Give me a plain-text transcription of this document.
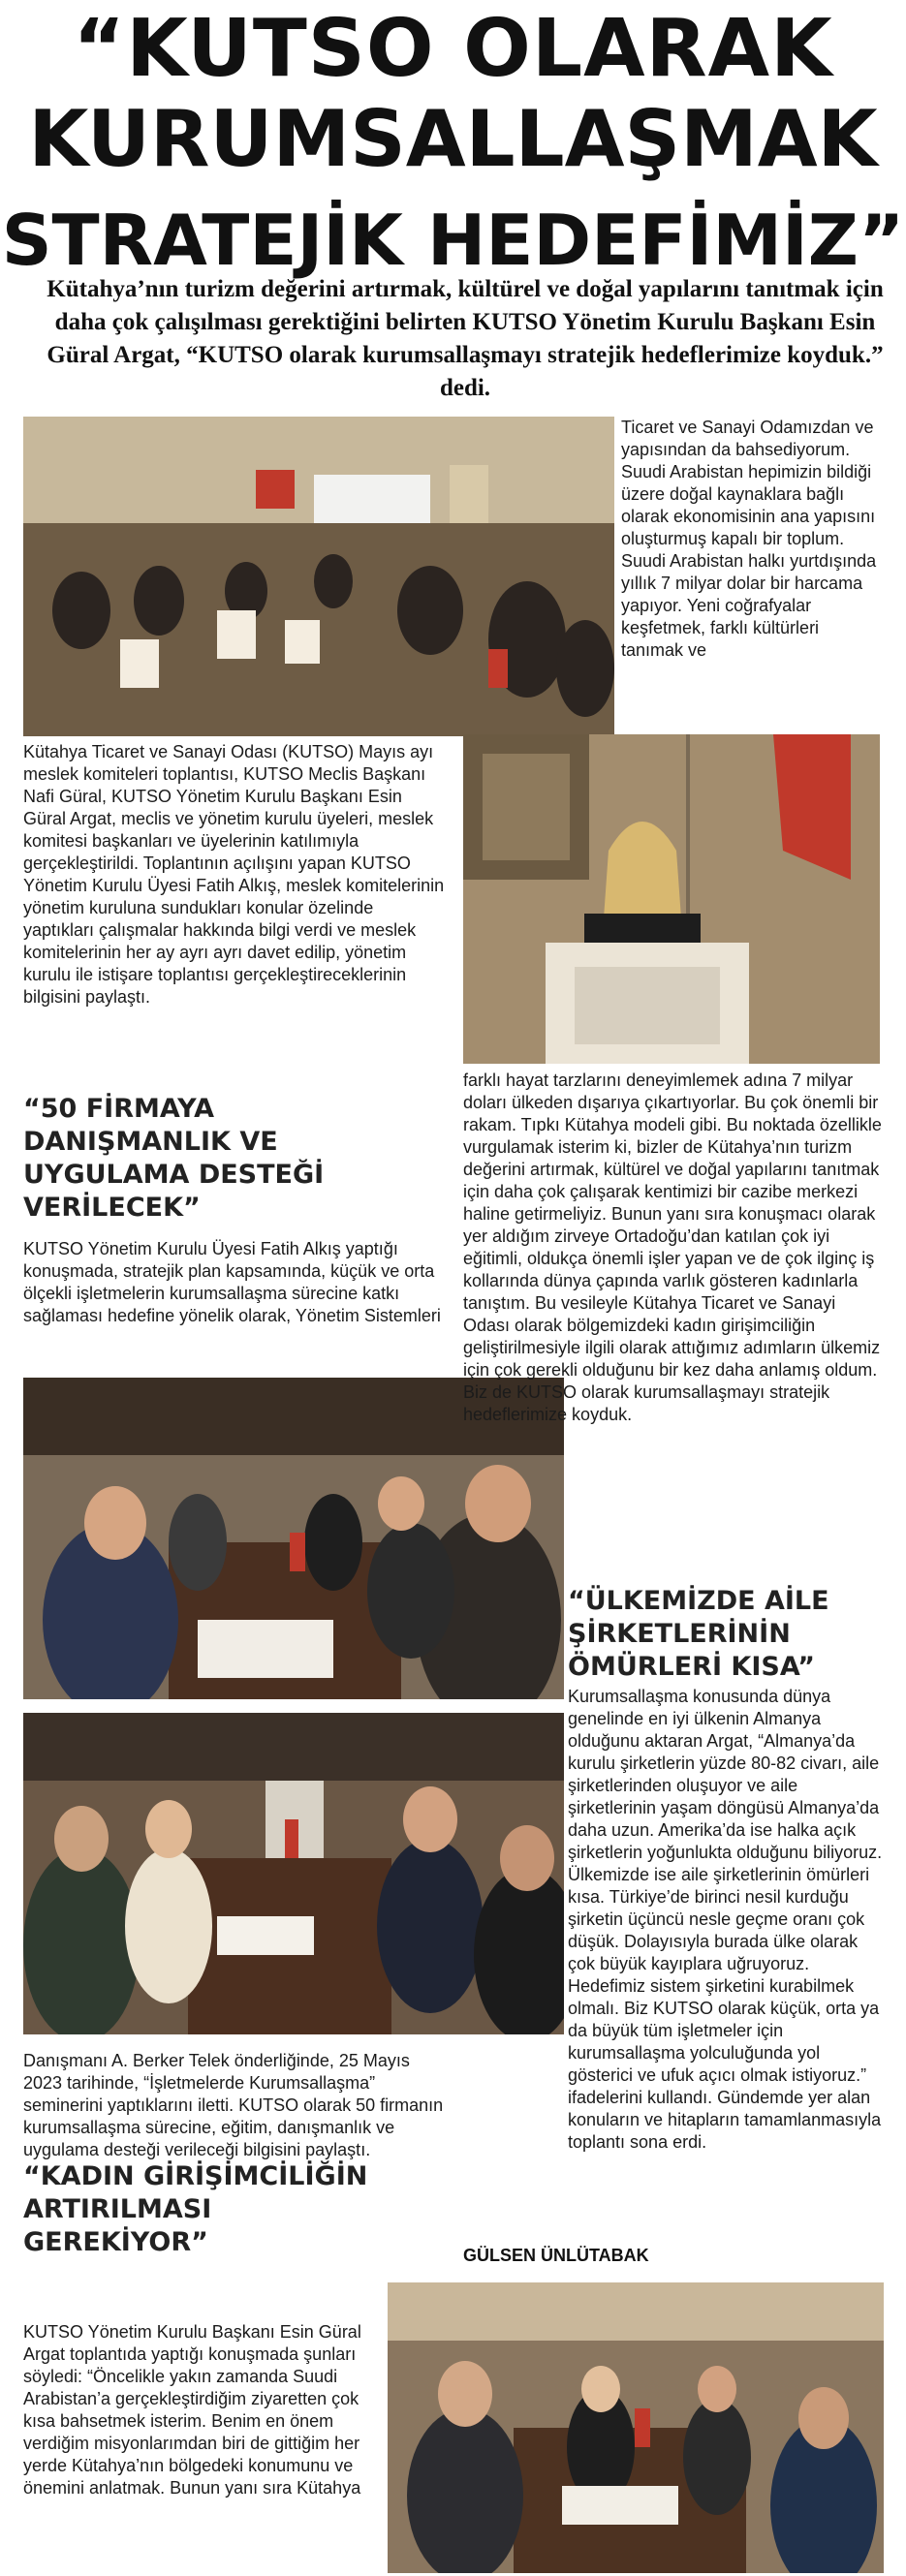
“KUTSO OLARAK
KURUMSALLAŞMAK
STRATEJİK HEDEFİMİZ”
Kütahya’nın turizm değerini artırmak, kültürel ve doğal yapılarını tanıtmak için daha çok çalışılması gerektiğini belirten KUTSO Yönetim Kurulu Başkanı Esin Güral Argat, “KUTSO olarak kurumsallaşmayı stratejik hedeflerimize koyduk.” dedi.
Kütahya Ticaret ve Sanayi Odası (KUTSO) Mayıs ayı meslek komiteleri toplantısı, KUTSO Meclis Başkanı Nafi Güral, KUTSO Yönetim Kurulu Başkanı Esin Güral Argat, meclis ve yönetim kurulu üyeleri, meslek komitesi başkanları ve üyelerinin katılımıyla gerçekleştirildi. Toplantının açılışını yapan KUTSO Yönetim Kurulu Üyesi Fatih Alkış, meslek komitelerinin yönetim kuruluna sundukları konular özelinde yaptıkları çalışmalar hakkında bilgi verdi ve meslek komitelerinin her ay ayrı ayrı davet edilip, yönetim kurulu ile istişare toplantısı gerçekleştireceklerinin bilgisini paylaştı.
“50 FİRMAYA DANIŞMANLIK VE UYGULAMA DESTEĞİ VERİLECEK”
KUTSO Yönetim Kurulu Üyesi Fatih Alkış yaptığı konuşmada, stratejik plan kapsamında, küçük ve orta ölçekli işletmelerin kurumsallaşma sürecine katkı sağlaması hedefine yönelik olarak, Yönetim Sistemleri
Danışmanı A. Berker Telek önderliğinde, 25 Mayıs 2023 tarihinde, “İşletmelerde Kurumsallaşma” seminerini yaptıklarını iletti. KUTSO olarak 50 firmanın kurumsallaşma sürecine, eğitim, danışmanlık ve uygulama desteği verileceği bilgisini paylaştı.
“KADIN GİRİŞİMCİLİĞİN ARTIRILMASI GEREKİYOR”
KUTSO Yönetim Kurulu Başkanı Esin Güral Argat toplantıda yaptığı konuşmada şunları söyledi: “Öncelikle yakın zamanda Suudi Arabistan’a gerçekleştirdiğim ziyaretten çok kısa bahsetmek isterim. Benim en önem verdiğim misyonlarımdan biri de gittiğim her yerde Kütahya’nın bölgedeki konumunu ve önemini anlatmak. Bunun yanı sıra Kütahya
Ticaret ve Sanayi Odamızdan ve yapısından da bahsediyorum. Suudi Arabistan hepimizin bildiği üzere doğal kaynaklara bağlı olarak ekonomisinin ana yapısını oluşturmuş kapalı bir toplum. Suudi Arabistan halkı yurtdışında yıllık 7 milyar dolar bir harcama yapıyor. Yeni coğrafyalar keşfetmek, farklı kültürleri tanımak ve
farklı hayat tarzlarını deneyimlemek adına 7 milyar doları ülkeden dışarıya çıkartıyorlar. Bu çok önemli bir rakam. Tıpkı Kütahya modeli gibi. Bu noktada özellikle vurgulamak isterim ki, bizler de Kütahya’nın turizm değerini artırmak, kültürel ve doğal yapılarını tanıtmak için daha çok çalışarak kentimizi bir cazibe merkezi haline getirmeliyiz. Bunun yanı sıra konuşmacı olarak yer aldığım zirveye Ortadoğu’dan katılan çok iyi eğitimli, oldukça önemli işler yapan ve de çok ilginç iş kollarında dünya çapında varlık gösteren kadınlarla tanıştım. Bu vesileyle Kütahya Ticaret ve Sanayi Odası olarak bölgemizdeki kadın girişimciliğin geliştirilmesiyle ilgili olarak attığımız adımların ülkemiz için çok gerekli olduğunu bir kez daha anlamış oldum. Biz de KUTSO olarak kurumsallaşmayı stratejik hedeflerimize koyduk.
“ÜLKEMİZDE AİLE ŞİRKETLERİNİN ÖMÜRLERİ KISA”
Kurumsallaşma konusunda dünya genelinde en iyi ülkenin Almanya olduğunu aktaran Argat, “Almanya’da kurulu şirketlerin yüzde 80-82 civarı, aile şirketlerinden oluşuyor ve aile şirketlerinin yaşam döngüsü Almanya’da daha uzun. Amerika’da ise halka açık şirketlerin yoğunlukta olduğunu biliyoruz. Ülkemizde ise aile şirketlerinin ömürleri kısa. Türkiye’de birinci nesil kurduğu şirketin üçüncü nesle geçme oranı çok düşük. Dolayısıyla burada ülke olarak çok büyük kayıplara uğruyoruz. Hedefimiz sistem şirketini kurabilmek olmalı. Biz KUTSO olarak küçük, orta ya da büyük tüm işletmeler için kurumsallaşma yolculuğunda yol gösterici ve ufuk açıcı olmak istiyoruz.” ifadelerini kullandı. Gündemde yer alan konuların ve hitapların tamamlanmasıyla toplantı sona erdi.
GÜLSEN ÜNLÜTABAK
